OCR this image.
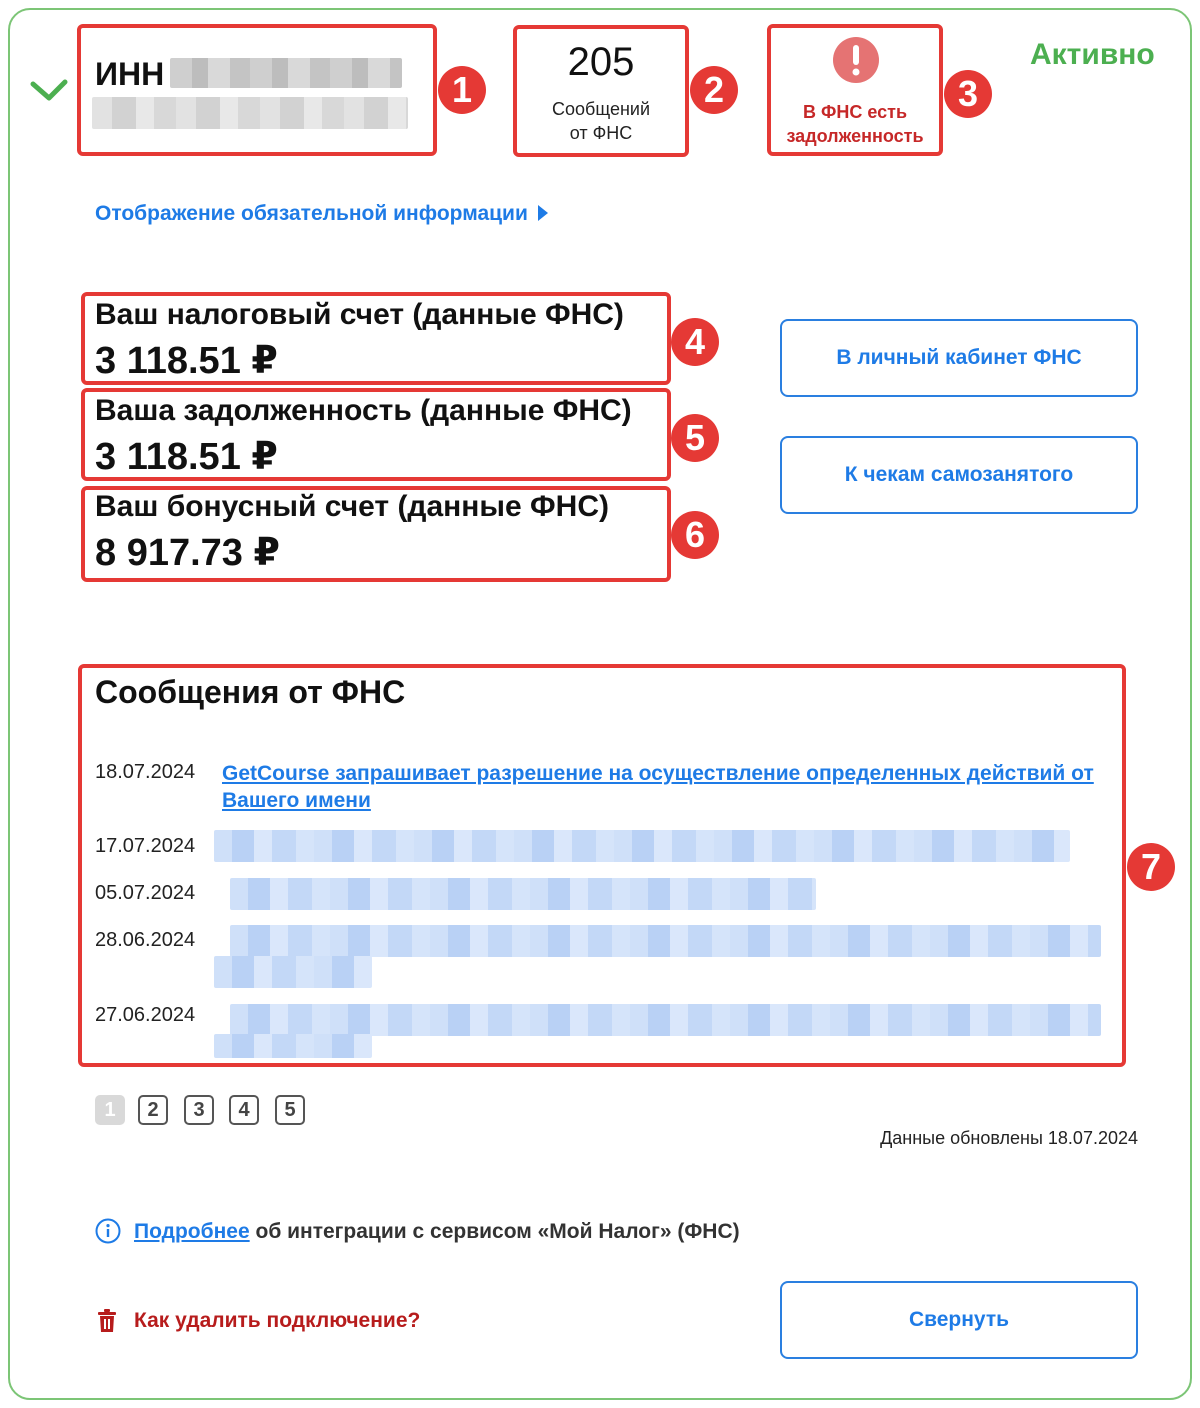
ИНН	1
205
Сообщений
от ФНС
2
В ФНС есть
задолженность
3
Активно
Отображение обязательной информации
Ваш налоговый счет (данные ФНС)
3 118.51 ₽	4
Ваша задолженность (данные ФНС)
3 118.51 ₽	5
Ваш бонусный счет (данные ФНС)
8 917.73 ₽	6
В личный кабинет ФНС
К чекам самозанятого
Сообщения от ФНС
18.07.2024 GetCourse запрашивает разрешение на осуществление определенных действий от Вашего имени
17.07.2024
05.07.2024
28.06.2024
27.06.2024
7
1	2	3	4	5
Данные обновлены 18.07.2024
Подробнее об интеграции с сервисом «Мой Налог» (ФНС)
Как удалить подключение?	Свернуть
